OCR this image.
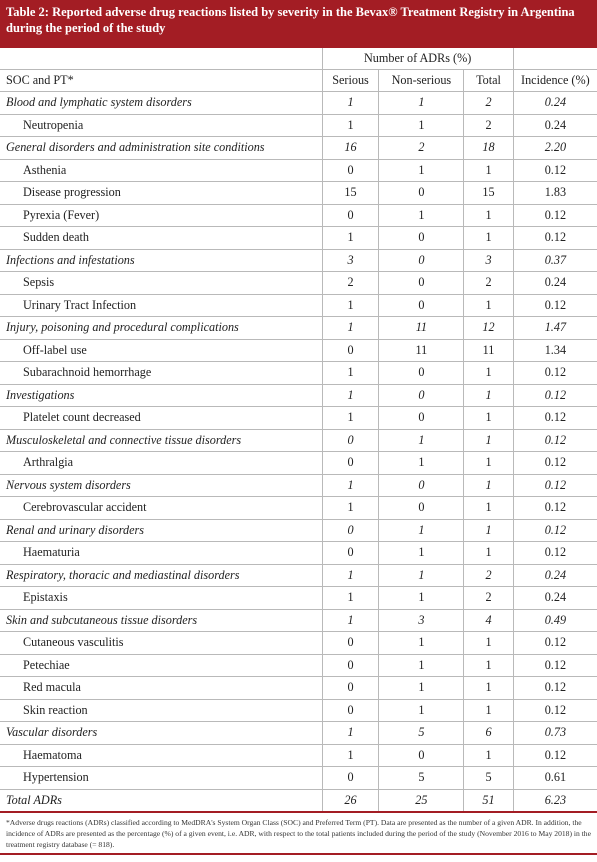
Table 2: Reported adverse drug reactions listed by severity in the Bevax® Treatment Registry in Argentina during the period of the study
	Number of ADRs (%)			
SOC and PT*	Serious	Non-serious	Total	Incidence (%)
Blood and lymphatic system disorders	1	1	2	0.24
Neutropenia	1	1	2	0.24
General disorders and administration site conditions	16	2	18	2.20
Asthenia	0	1	1	0.12
Disease progression	15	0	15	1.83
Pyrexia (Fever)	0	1	1	0.12
Sudden death	1	0	1	0.12
Infections and infestations	3	0	3	0.37
Sepsis	2	0	2	0.24
Urinary Tract Infection	1	0	1	0.12
Injury, poisoning and procedural complications	1	11	12	1.47
Off-label use	0	11	11	1.34
Subarachnoid hemorrhage	1	0	1	0.12
Investigations	1	0	1	0.12
Platelet count decreased	1	0	1	0.12
Musculoskeletal and connective tissue disorders	0	1	1	0.12
Arthralgia	0	1	1	0.12
Nervous system disorders	1	0	1	0.12
Cerebrovascular accident	1	0	1	0.12
Renal and urinary disorders	0	1	1	0.12
Haematuria	0	1	1	0.12
Respiratory, thoracic and mediastinal disorders	1	1	2	0.24
Epistaxis	1	1	2	0.24
Skin and subcutaneous tissue disorders	1	3	4	0.49
Cutaneous vasculitis	0	1	1	0.12
Petechiae	0	1	1	0.12
Red macula	0	1	1	0.12
Skin reaction	0	1	1	0.12
Vascular disorders	1	5	6	0.73
Haematoma	1	0	1	0.12
Hypertension	0	5	5	0.61
Total ADRs	26	25	51	6.23
*Adverse drugs reactions (ADRs) classified according to MedDRA's System Organ Class (SOC) and Preferred Term (PT). Data are presented as the number of a given ADR. In addition, the incidence of ADRs are presented as the percentage (%) of a given event, i.e. ADR, with respect to the total patients included during the period of the study (November 2016 to May 2018) in the treatment registry database (= 818).
